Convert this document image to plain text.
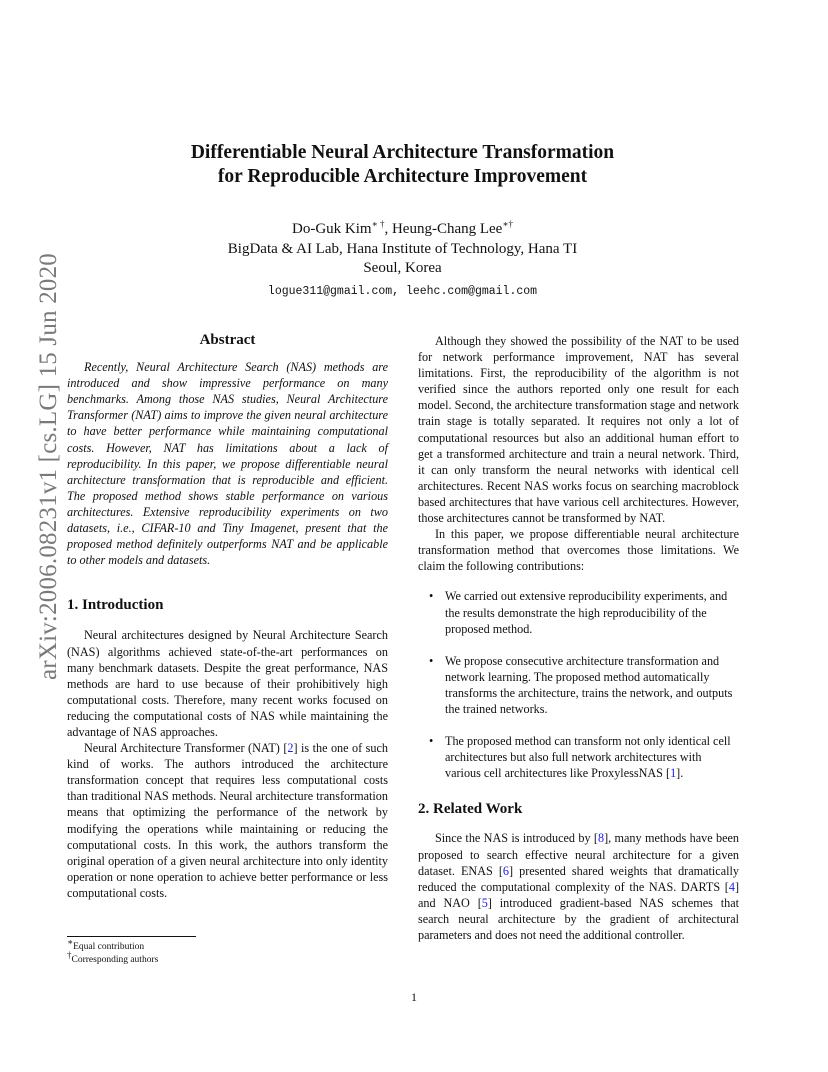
arXiv:2006.08231v1 [cs.LG] 15 Jun 2020
Differentiable Neural Architecture Transformation
for Reproducible Architecture Improvement
Do-Guk Kim∗ †, Heung-Chang Lee∗†
BigData & AI Lab, Hana Institute of Technology, Hana TI
Seoul, Korea
logue311@gmail.com, leehc.com@gmail.com
Abstract

Recently, Neural Architecture Search (NAS) methods are introduced and show impressive performance on many benchmarks. Among those NAS studies, Neural Architecture Transformer (NAT) aims to improve the given neural architecture to have better performance while maintaining computational costs. However, NAT has limitations about a lack of reproducibility. In this paper, we propose differentiable neural architecture transformation that is reproducible and efficient. The proposed method shows stable performance on various architectures. Extensive reproducibility experiments on two datasets, i.e., CIFAR-10 and Tiny Imagenet, present that the proposed method definitely outperforms NAT and be applicable to other models and datasets.

1. Introduction

Neural architectures designed by Neural Architecture Search (NAS) algorithms achieved state-of-the-art performances on many benchmark datasets. Despite the great performance, NAS methods are hard to use because of their prohibitively high computational costs. Therefore, many recent works focused on reducing the computational costs of NAS while maintaining the advantage of NAS approaches.

Neural Architecture Transformer (NAT) [2] is the one of such kind of works. The authors introduced the architecture transformation concept that requires less computational costs than traditional NAS methods. Neural architecture transformation means that optimizing the performance of the network by modifying the operations while maintaining or reducing the computational costs. In this work, the authors transform the original operation of a given neural architecture into only identity operation or none operation to achieve better performance or less computational costs.

Although they showed the possibility of the NAT to be used for network performance improvement, NAT has several limitations. First, the reproducibility of the algorithm is not verified since the authors reported only one result for each model. Second, the architecture transformation stage and network train stage is totally separated. It requires not only a lot of computational resources but also an additional human effort to get a transformed architecture and train a neural network. Third, it can only transform the neural networks with identical cell architectures. Recent NAS works focus on searching macroblock based architectures that have various cell architectures. However, those architectures cannot be transformed by NAT.

In this paper, we propose differentiable neural architecture transformation method that overcomes those limitations. We claim the following contributions:

• We carried out extensive reproducibility experiments, and the results demonstrate the high reproducibility of the proposed method.
• We propose consecutive architecture transformation and network learning. The proposed method automatically transforms the architecture, trains the network, and outputs the trained networks.
• The proposed method can transform not only identical cell architectures but also full network architectures with various cell architectures like ProxylessNAS [1].
2. Related Work

Since the NAS is introduced by [8], many methods have been proposed to search effective neural architecture for a given dataset. ENAS [6] presented shared weights that dramatically reduced the computational complexity of the NAS. DARTS [4] and NAO [5] introduced gradient-based NAS schemes that search neural architecture by the gradient of architectural parameters and does not need the additional controller.

∗Equal contribution
†Corresponding authors
1
